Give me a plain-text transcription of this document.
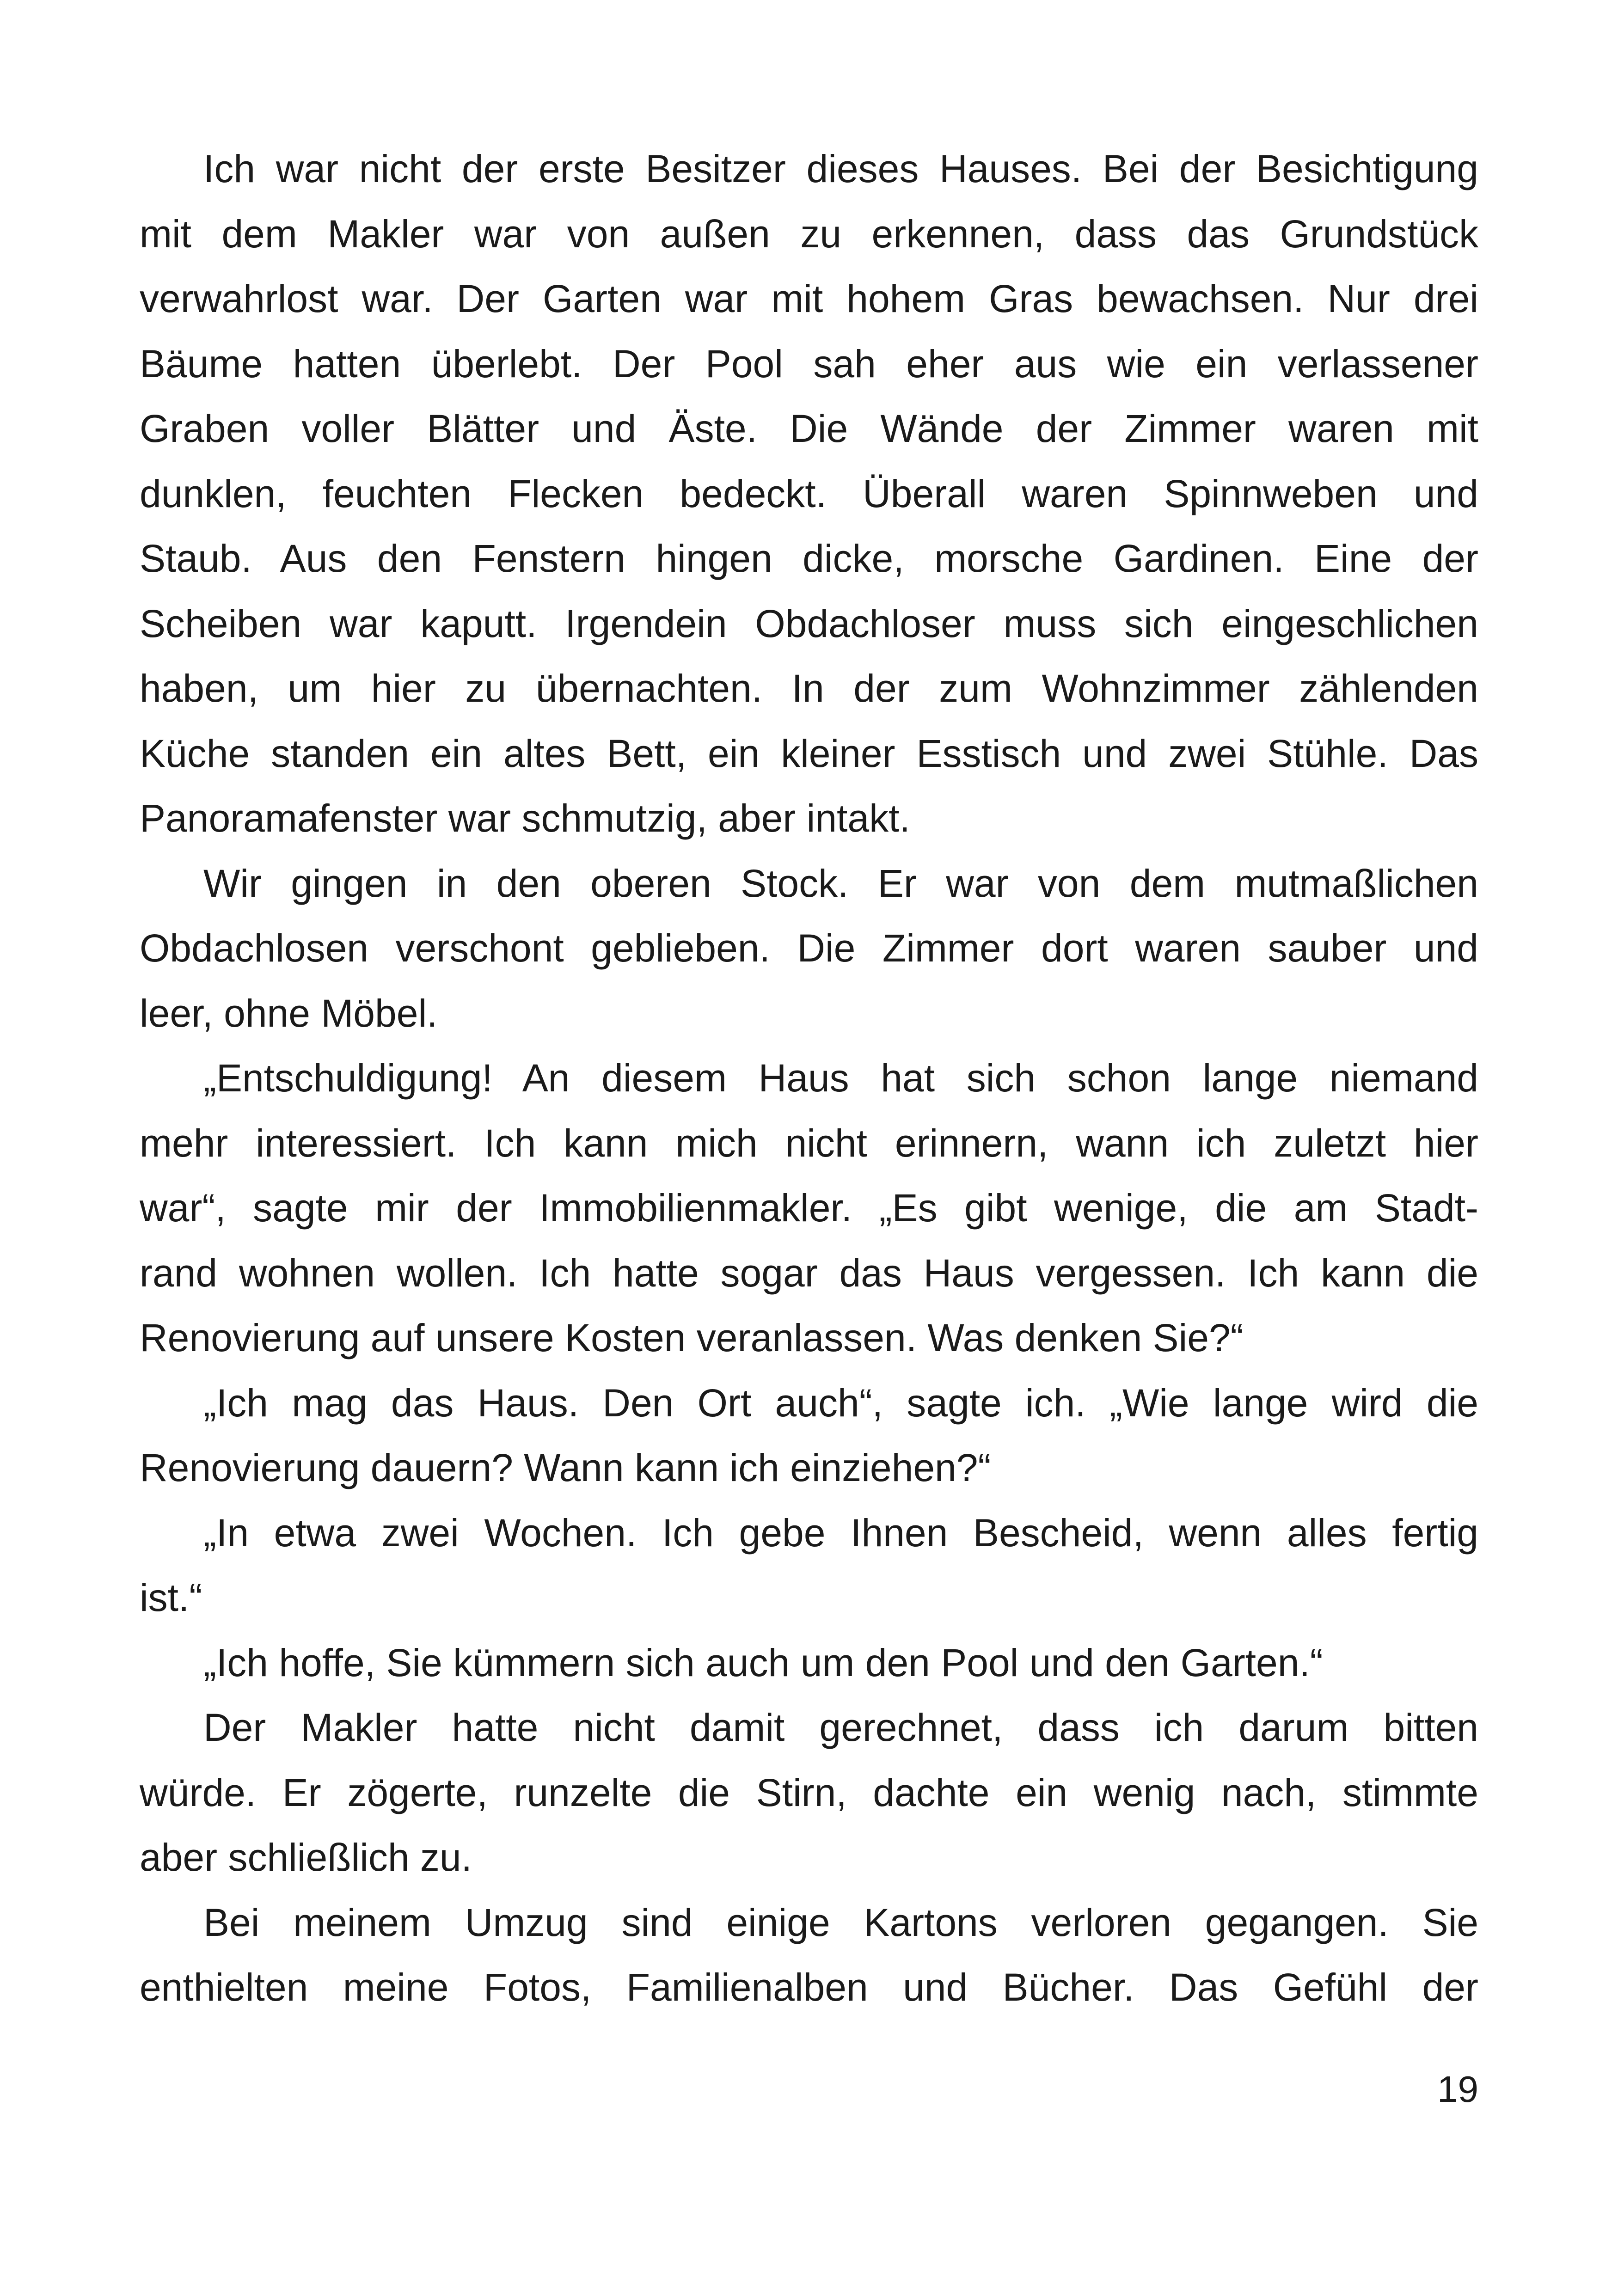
Ich war nicht der erste Besitzer dieses Hauses. Bei der Besichtigung
mit dem Makler war von außen zu erkennen, dass das Grundstück
verwahrlost war. Der Garten war mit hohem Gras bewachsen. Nur drei
Bäume hatten überlebt. Der Pool sah eher aus wie ein verlassener
Graben voller Blätter und Äste. Die Wände der Zimmer waren mit
dunklen, feuchten Flecken bedeckt. Überall waren Spinnweben und
Staub. Aus den Fenstern hingen dicke, morsche Gardinen. Eine der
Scheiben war kaputt. Irgendein Obdachloser muss sich eingeschlichen
haben, um hier zu übernachten. In der zum Wohnzimmer zählenden
Küche standen ein altes Bett, ein kleiner Esstisch und zwei Stühle. Das
Panoramafenster war schmutzig, aber intakt.
Wir gingen in den oberen Stock. Er war von dem mutmaßlichen
Obdachlosen verschont geblieben. Die Zimmer dort waren sauber und
leer, ohne Möbel.
„Entschuldigung! An diesem Haus hat sich schon lange niemand
mehr interessiert. Ich kann mich nicht erinnern, wann ich zuletzt hier
war“, sagte mir der Immobilienmakler. „Es gibt wenige, die am Stadt-
rand wohnen wollen. Ich hatte sogar das Haus vergessen. Ich kann die
Renovierung auf unsere Kosten veranlassen. Was denken Sie?“
„Ich mag das Haus. Den Ort auch“, sagte ich. „Wie lange wird die
Renovierung dauern? Wann kann ich einziehen?“
„In etwa zwei Wochen. Ich gebe Ihnen Bescheid, wenn alles fertig
ist.“
„Ich hoffe, Sie kümmern sich auch um den Pool und den Garten.“
Der Makler hatte nicht damit gerechnet, dass ich darum bitten
würde. Er zögerte, runzelte die Stirn, dachte ein wenig nach, stimmte
aber schließlich zu.
Bei meinem Umzug sind einige Kartons verloren gegangen. Sie
enthielten meine Fotos, Familienalben und Bücher. Das Gefühl der
19
